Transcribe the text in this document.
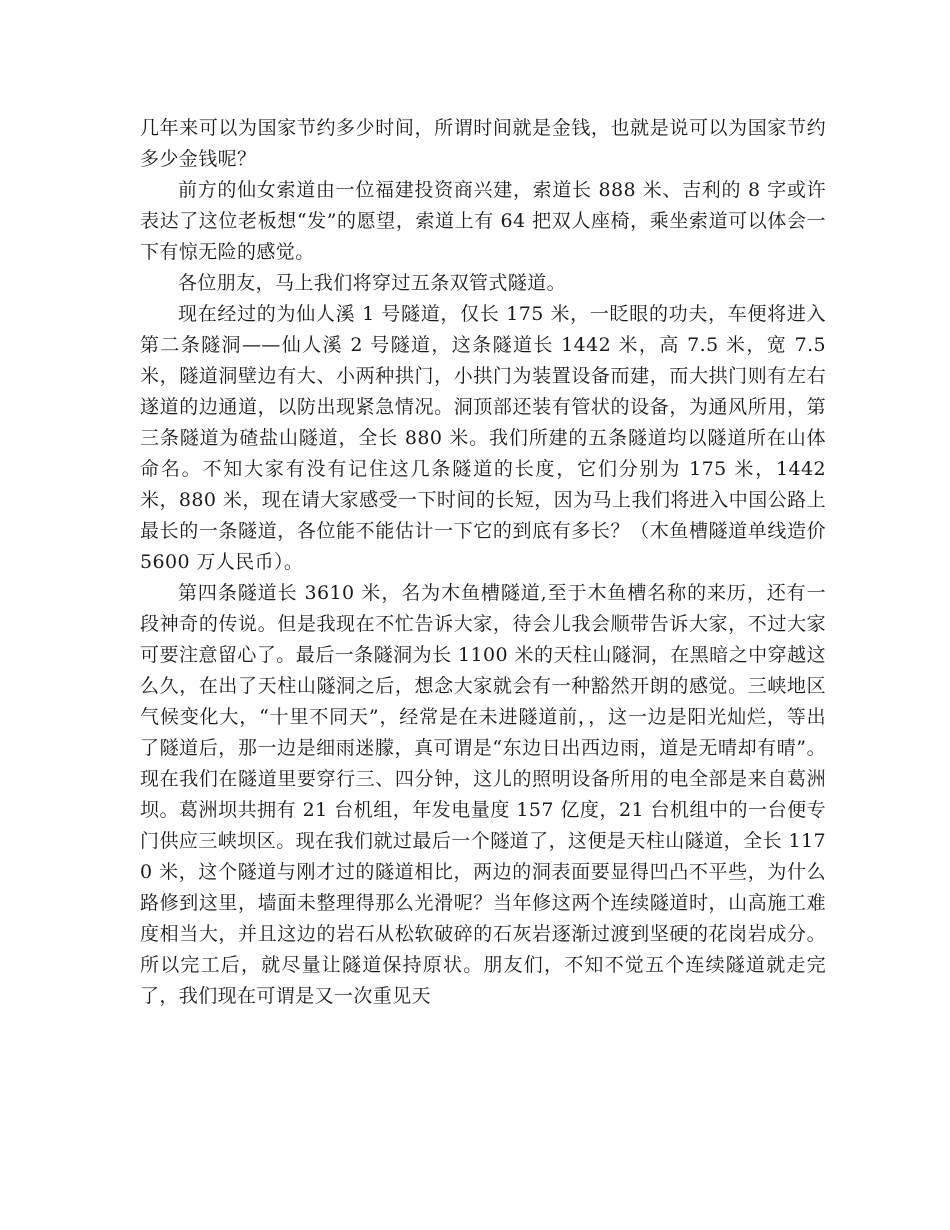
几年来可以为国家节约多少时间，所谓时间就是金钱，也就是说可以为国家节约多少金钱呢？

前方的仙女索道由一位福建投资商兴建，索道长 888 米、吉利的 8 字或许表达了这位老板想“发”的愿望，索道上有 64 把双人座椅，乘坐索道可以体会一下有惊无险的感觉。

各位朋友，马上我们将穿过五条双管式隧道。

现在经过的为仙人溪 1 号隧道，仅长 175 米，一眨眼的功夫，车便将进入第二条隧洞——仙人溪 2 号隧道，这条隧道长 1442 米，高 7.5 米，宽 7.5 米，隧道洞壁边有大、小两种拱门，小拱门为装置设备而建，而大拱门则有左右遂道的边通道，以防出现紧急情况。洞顶部还装有管状的设备，为通风所用，第三条隧道为碴盐山隧道，全长 880 米。我们所建的五条隧道均以隧道所在山体命名。不知大家有没有记住这几条隧道的长度，它们分别为 175 米，1442 米，880 米，现在请大家感受一下时间的长短，因为马上我们将进入中国公路上最长的一条隧道，各位能不能估计一下它的到底有多长？（木鱼槽隧道单线造价 5600 万人民币）。

第四条隧道长 3610 米，名为木鱼槽隧道,至于木鱼槽名称的来历，还有一段神奇的传说。但是我现在不忙告诉大家，待会儿我会顺带告诉大家，不过大家可要注意留心了。最后一条隧洞为长 1100 米的天柱山隧洞，在黑暗之中穿越这么久，在出了天柱山隧洞之后，想念大家就会有一种豁然开朗的感觉。三峡地区气候变化大，“十里不同天”，经常是在未进隧道前，，这一边是阳光灿烂，等出了隧道后，那一边是细雨迷朦，真可谓是“东边日出西边雨，道是无晴却有晴”。现在我们在隧道里要穿行三、四分钟，这儿的照明设备所用的电全部是来自葛洲坝。葛洲坝共拥有 21 台机组，年发电量度 157 亿度，21 台机组中的一台便专门供应三峡坝区。现在我们就过最后一个隧道了，这便是天柱山隧道，全长 1170 米，这个隧道与刚才过的隧道相比，两边的洞表面要显得凹凸不平些，为什么路修到这里，墙面未整理得那么光滑呢？当年修这两个连续隧道时，山高施工难度相当大，并且这边的岩石从松软破碎的石灰岩逐渐过渡到坚硬的花岗岩成分。所以完工后，就尽量让隧道保持原状。朋友们，不知不觉五个连续隧道就走完了，我们现在可谓是又一次重见天
